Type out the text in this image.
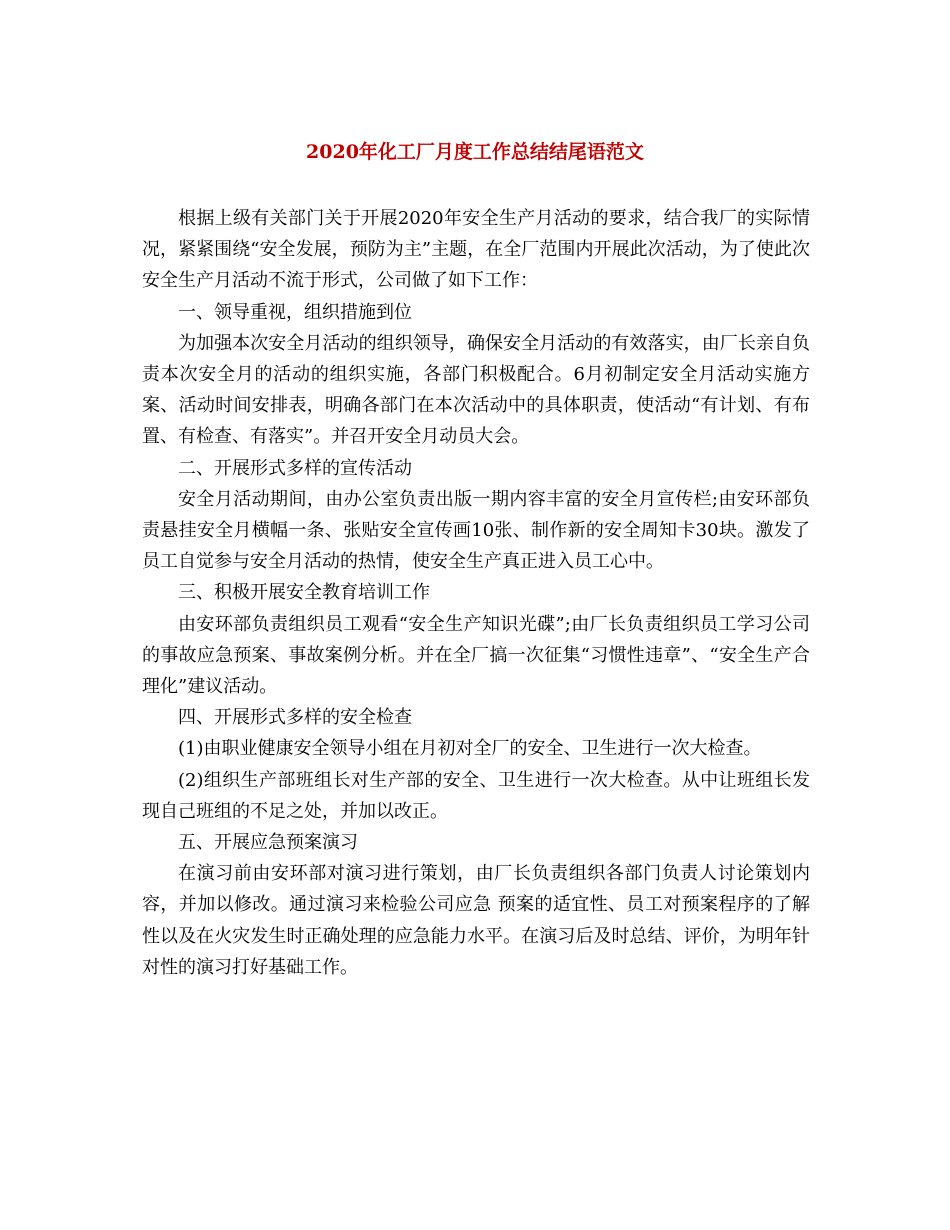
2020年化工厂月度工作总结结尾语范文

根据上级有关部门关于开展2020年安全生产月活动的要求，结合我厂的实际情况，紧紧围绕“安全发展，预防为主”主题，在全厂范围内开展此次活动，为了使此次安全生产月活动不流于形式，公司做了如下工作：

一、领导重视，组织措施到位

为加强本次安全月活动的组织领导，确保安全月活动的有效落实，由厂长亲自负责本次安全月的活动的组织实施，各部门积极配合。6月初制定安全月活动实施方案、活动时间安排表，明确各部门在本次活动中的具体职责，使活动“有计划、有布置、有检查、有落实”。并召开安全月动员大会。

二、开展形式多样的宣传活动

安全月活动期间，由办公室负责出版一期内容丰富的安全月宣传栏;由安环部负责悬挂安全月横幅一条、张贴安全宣传画10张、制作新的安全周知卡30块。激发了员工自觉参与安全月活动的热情，使安全生产真正进入员工心中。

三、积极开展安全教育培训工作

由安环部负责组织员工观看“安全生产知识光碟”;由厂长负责组织员工学习公司的事故应急预案、事故案例分析。并在全厂搞一次征集“习惯性违章”、“安全生产合理化”建议活动。

四、开展形式多样的安全检查

(1)由职业健康安全领导小组在月初对全厂的安全、卫生进行一次大检查。

(2)组织生产部班组长对生产部的安全、卫生进行一次大检查。从中让班组长发现自己班组的不足之处，并加以改正。

五、开展应急预案演习

在演习前由安环部对演习进行策划，由厂长负责组织各部门负责人讨论策划内容，并加以修改。通过演习来检验公司应急 预案的适宜性、员工对预案程序的了解性以及在火灾发生时正确处理的应急能力水平。在演习后及时总结、评价，为明年针对性的演习打好基础工作。
